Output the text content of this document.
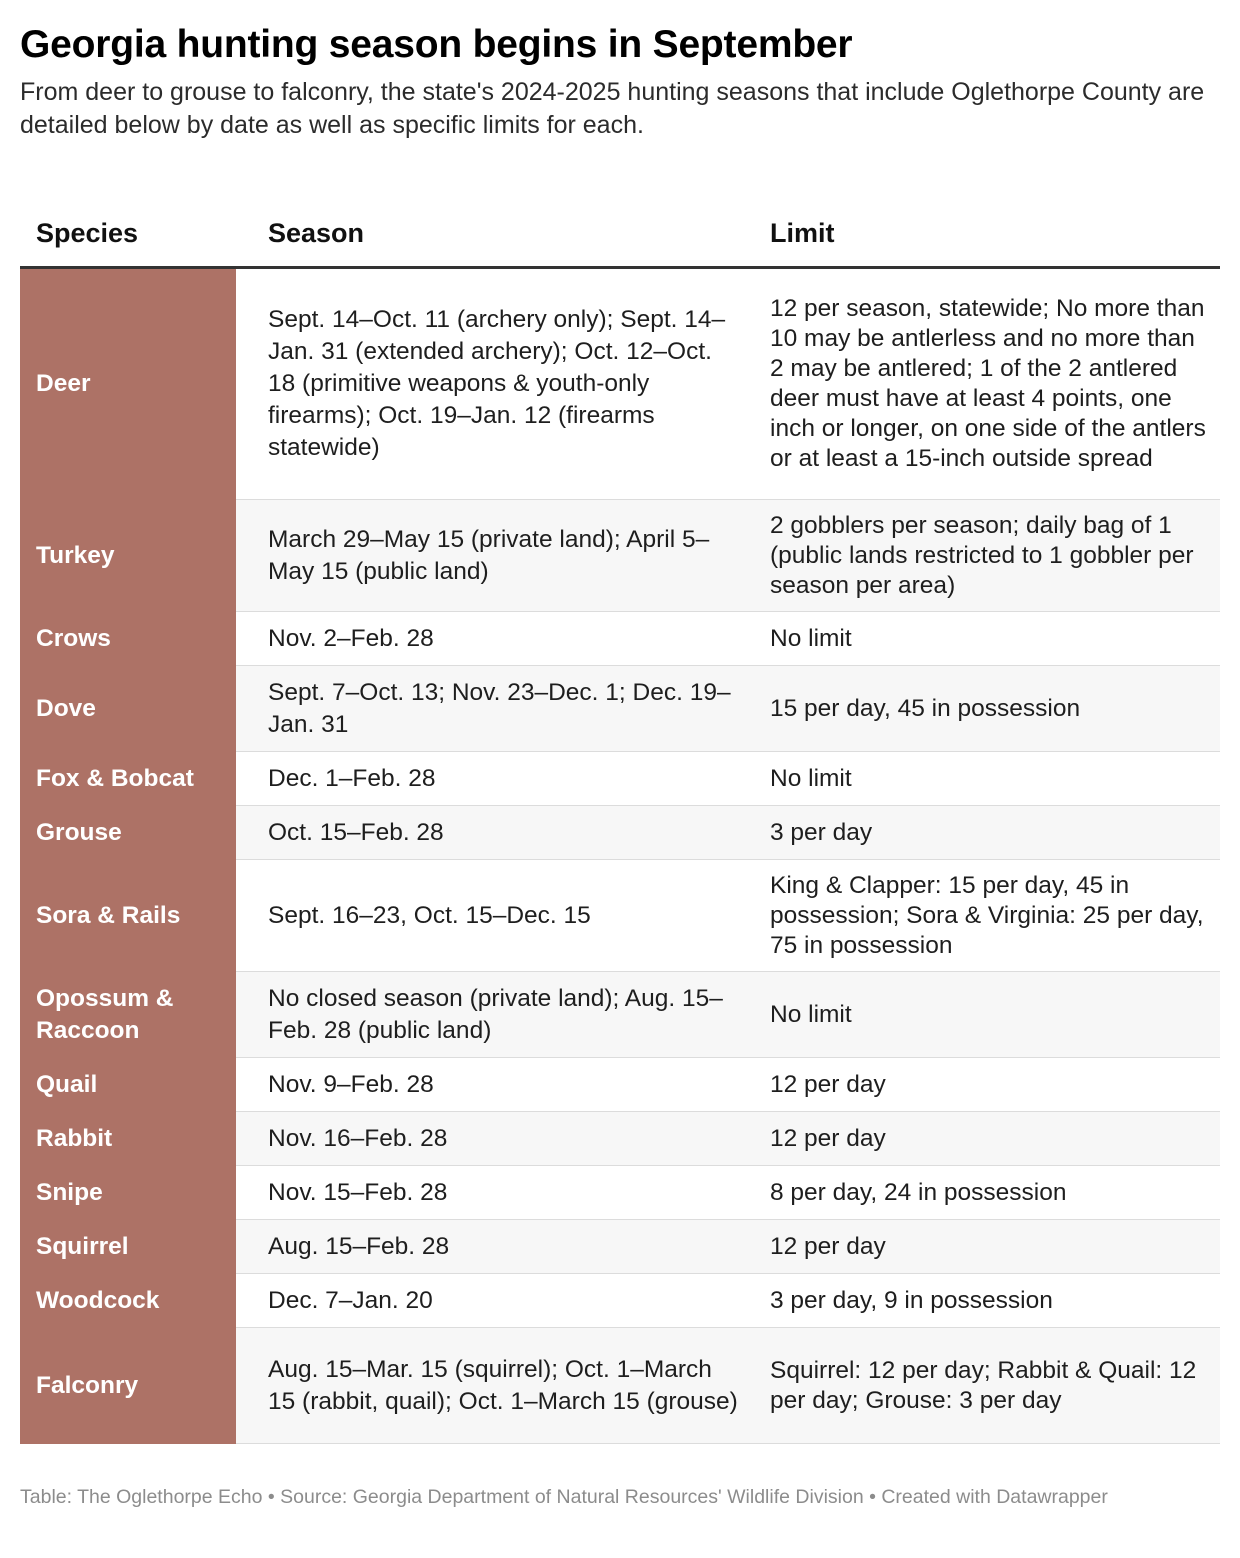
Georgia hunting season begins in September

From deer to grouse to falconry, the state's 2024-2025 hunting seasons that include Oglethorpe County are detailed below by date as well as specific limits for each.

Species	Season	Limit
Deer	Sept. 14–Oct. 11 (archery only); Sept. 14–Jan. 31 (extended archery); Oct. 12–Oct. 18 (primitive weapons & youth-only firearms); Oct. 19–Jan. 12 (firearms statewide)	12 per season, statewide; No more than 10 may be antlerless and no more than 2 may be antlered; 1 of the 2 antlered deer must have at least 4 points, one inch or longer, on one side of the antlers or at least a 15-inch outside spread
Turkey	March 29–May 15 (private land); April 5–May 15 (public land)	2 gobblers per season; daily bag of 1 (public lands restricted to 1 gobbler per season per area)
Crows	Nov. 2–Feb. 28	No limit
Dove	Sept. 7–Oct. 13; Nov. 23–Dec. 1; Dec. 19–Jan. 31	15 per day, 45 in possession
Fox & Bobcat	Dec. 1–Feb. 28	No limit
Grouse	Oct. 15–Feb. 28	3 per day
Sora & Rails	Sept. 16–23, Oct. 15–Dec. 15	King & Clapper: 15 per day, 45 in possession; Sora & Virginia: 25 per day, 75 in possession
Opossum & Raccoon	No closed season (private land); Aug. 15–Feb. 28 (public land)	No limit
Quail	Nov. 9–Feb. 28	12 per day
Rabbit	Nov. 16–Feb. 28	12 per day
Snipe	Nov. 15–Feb. 28	8 per day, 24 in possession
Squirrel	Aug. 15–Feb. 28	12 per day
Woodcock	Dec. 7–Jan. 20	3 per day, 9 in possession
Falconry	Aug. 15–Mar. 15 (squirrel); Oct. 1–March 15 (rabbit, quail); Oct. 1–March 15 (grouse)	Squirrel: 12 per day; Rabbit & Quail: 12 per day; Grouse: 3 per day
Table: The Oglethorpe Echo • Source: Georgia Department of Natural Resources' Wildlife Division • Created with Datawrapper
